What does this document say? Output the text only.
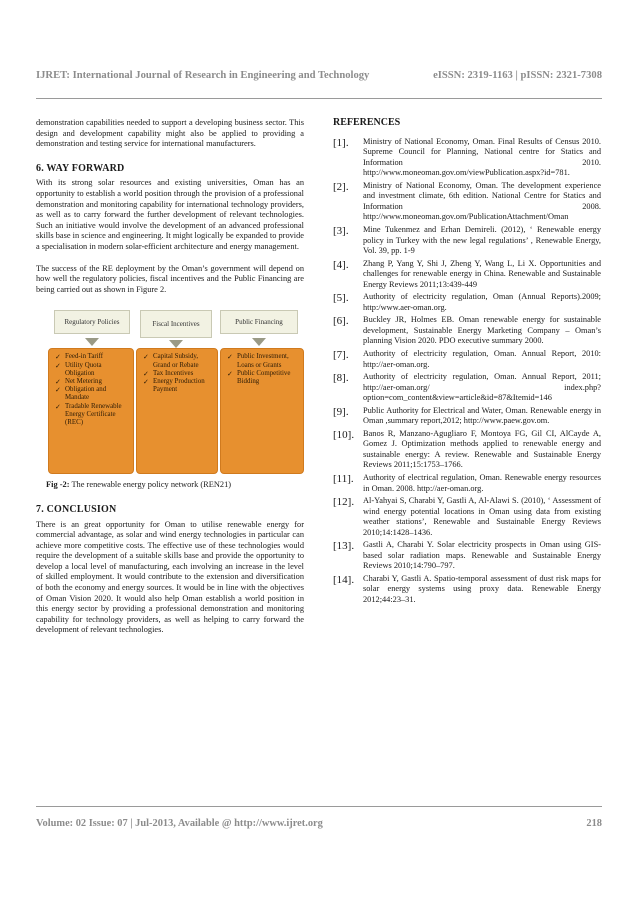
IJRET: International Journal of Research in Engineering and Technology	eISSN: 2319-1163 | pISSN: 2321-7308

demonstration capabilities needed to support a developing business sector. This design and development capability might also be applied to providing a demonstration and testing service for international manufacturers.

6. WAY FORWARD

With its strong solar resources and existing universities, Oman has an opportunity to establish a world position through the provision of a professional demonstration and monitoring capability for international technology providers, as well as to carry forward the further development of relevant technologies. Such an initiative would involve the development of an advanced professional skills base in science and engineering. It might logically be expanded to provide a specialisation in modern solar-efficient architecture and energy management.

The success of the RE deployment by the Oman’s government will depend on how well the regulatory policies, fiscal incentives and the Public Financing are being carried out as shown in Figure 2.

Regulatory Policies	Fiscal Incentives	Public Financing
✓ Feed-in Tariff
✓ Utility Quota Obligation
✓ Net Metering
✓ Obligation and Mandate
✓ Tradable Renewable Energy Certificate (REC)
✓ Capital Subsidy, Grand or Rebate
✓ Tax Incentives
✓ Energy Production Payment
✓ Public Investment, Loans or Grants
✓ Public Competitive Bidding
Fig -2: The renewable energy policy network (REN21)
7. CONCLUSION

There is an great opportunity for Oman to utilise renewable energy for commercial advantage, as solar and wind energy technologies in particular can achieve more competitive costs. The effective use of these technologies would require the development of a suitable skills base and provide the opportunity to develop a local level of manufacturing, each involving an increase in the level of skilled employment. It would contribute to the extension and diversification of both the economy and energy sources. It would be in line with the objectives of Oman Vision 2020. It would also help Oman establish a world position in this energy sector by providing a professional demonstration and monitoring capability for technology providers, as well as helping to carry forward the development of relevant technologies.

REFERENCES
[1].	Ministry of National Economy, Oman. Final Results of Census 2010. Supreme Council for Planning, National centre for Statics and Information 2010. http://www.moneoman.gov.om/viewPublication.aspx?id=781.
[2].	Ministry of National Economy, Oman. The development experience and investment climate, 6th edition. National Centre for Statics and Information 2008. http://www.moneoman.gov.om/PublicationAttachment/Oman
[3].	Mine Tukenmez and Erhan Demireli. (2012), ‘ Renewable energy policy in Turkey with the new legal regulations’ , Renewable Energy, Vol. 39, pp. 1-9
[4].	Zhang P, Yang Y, Shi J, Zheng Y, Wang L, Li X. Opportunities and challenges for renewable energy in China. Renewable and Sustainable Energy Reviews 2011;13:439-449
[5].	Authority of electricity regulation, Oman (Annual Reports).2009; http:/www.aer-oman.org.
[6].	Buckley JR, Holmes EB. Oman renewable energy for sustainable development, Sustainable Energy Marketing Company – Oman’s planning Vision 2020. PDO executive summary 2000.
[7].	Authority of electricity regulation, Oman. Annual Report, 2010: http://aer-oman.org.
[8].	Authority of electricity regulation, Oman. Annual Report, 2011; http://aer-oman.org/ index.php?option=com_content&view=article&id=87&Itemid=146
[9].	Public Authority for Electrical and Water, Oman. Renewable energy in Oman ,summary report,2012; http://www.paew.gov.om.
[10].	Banos R, Manzano-Agugliaro F, Montoya FG, Gil CI, AlCayde A, Gomez J. Optimization methods applied to renewable energy and sustainable energy: A review. Renewable and Sustainable Energy Reviews 2011;15:1753–1766.
[11].	Authority of electrical regulation, Oman. Renewable energy resources in Oman. 2008. http://aer-oman.org.
[12].	Al-Yahyai S, Charabi Y, Gastli A, Al-Alawi S. (2010), ‘ Assessment of wind energy potential locations in Oman using data from existing weather stations’, Renewable and Sustainable Energy Reviews 2010;14:1428–1436.
[13].	Gastli A, Charabi Y. Solar electricity prospects in Oman using GIS-based solar radiation maps. Renewable and Sustainable Energy Reviews 2010;14:790–797.
[14].	Charabi Y, Gastli A. Spatio-temporal assessment of dust risk maps for solar energy systems using proxy data. Renewable Energy 2012;44:23–31.
Volume: 02 Issue: 07 | Jul-2013, Available @ http://www.ijret.org	218
